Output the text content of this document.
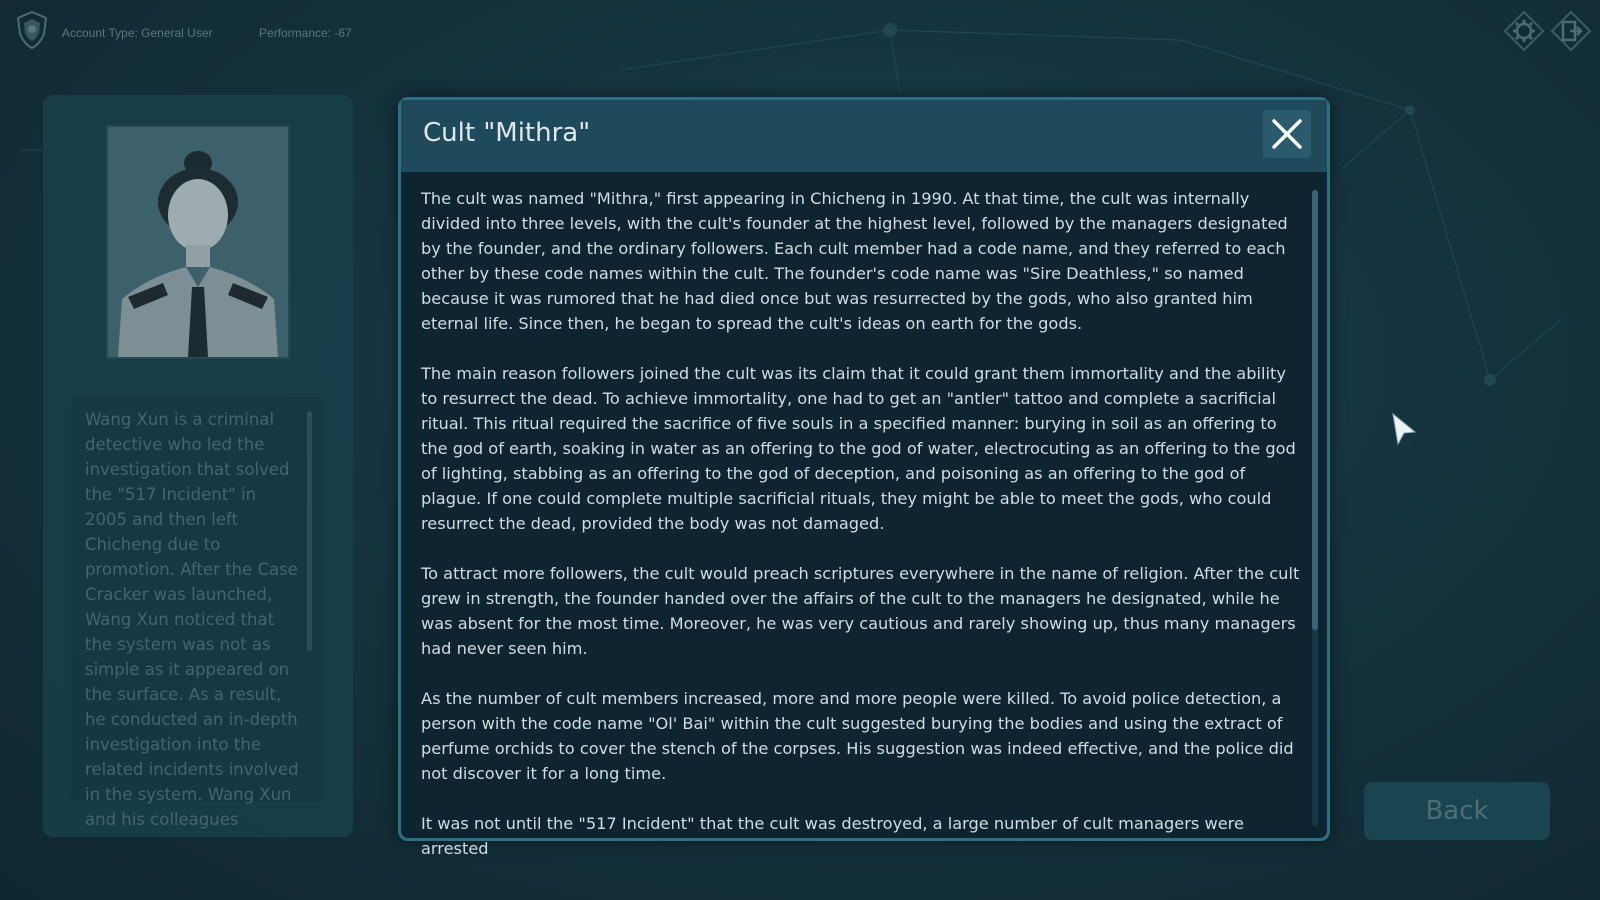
Account Type: General User	Performance: -67

Wang Xun is a criminal detective who led the investigation that solved the "517 Incident" in 2005 and then left Chicheng due to promotion. After the Case Cracker was launched, Wang Xun noticed that the system was not as simple as it appeared on the surface. As a result, he conducted an in-depth investigation into the related incidents involved in the system. Wang Xun and his colleagues	Back
Cult "Mithra"

The cult was named "Mithra," first appearing in Chicheng in 1990. At that time, the cult was internally divided into three levels, with the cult's founder at the highest level, followed by the managers designated by the founder, and the ordinary followers. Each cult member had a code name, and they referred to each other by these code names within the cult. The founder's code name was "Sire Deathless," so named because it was rumored that he had died once but was resurrected by the gods, who also granted him eternal life. Since then, he began to spread the cult's ideas on earth for the gods.

The main reason followers joined the cult was its claim that it could grant them immortality and the ability to resurrect the dead. To achieve immortality, one had to get an "antler" tattoo and complete a sacrificial ritual. This ritual required the sacrifice of five souls in a specified manner: burying in soil as an offering to the god of earth, soaking in water as an offering to the god of water, electrocuting as an offering to the god of lighting, stabbing as an offering to the god of deception, and poisoning as an offering to the god of plague. If one could complete multiple sacrificial rituals, they might be able to meet the gods, who could resurrect the dead, provided the body was not damaged.

To attract more followers, the cult would preach scriptures everywhere in the name of religion. After the cult grew in strength, the founder handed over the affairs of the cult to the managers he designated, while he was absent for the most time. Moreover, he was very cautious and rarely showing up, thus many managers had never seen him.

As the number of cult members increased, more and more people were killed. To avoid police detection, a person with the code name "Ol' Bai" within the cult suggested burying the bodies and using the extract of perfume orchids to cover the stench of the corpses. His suggestion was indeed effective, and the police did not discover it for a long time.

It was not until the "517 Incident" that the cult was destroyed, a large number of cult managers were arrested
